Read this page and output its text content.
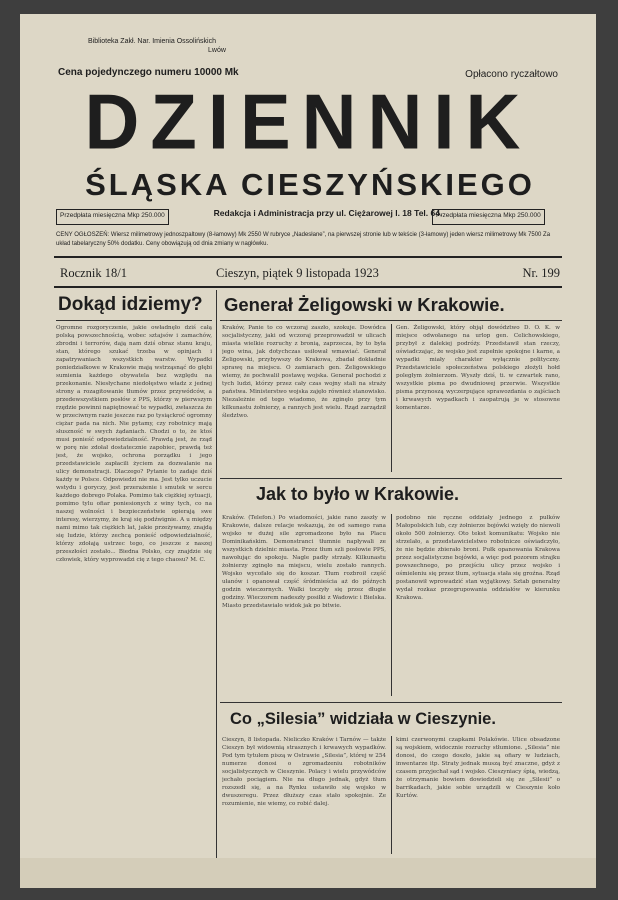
Biblioteka Zakł. Nar. Imienia Ossolińskich
Lwów
Cena pojedynczego numeru 10000 Mk	Opłacono ryczałtowo
DZIENNIK
ŚLĄSKA CIESZYŃSKIEGO
Przedpłata miesięczna Mkp 250.000	Redakcja i Administracja przy ul. Ciężarowej l. 18 Tel. 64.
Przedpłata miesięczna Mkp 250.000
CENY OGŁOSZEŃ: Wiersz milimetrowy jednoszpaltowy (8-łamowy) Mk 2550 W rubryce „Nadesłane”, na pierwszej stronie lub w tekście (3-łamowy) jeden wiersz milimetrowy Mk 7500 Za układ tabelaryczny 50% dodatku. Ceny obowiązują od dnia zmiany w nagłówku.
Rocznik 18/1	Cieszyn, piątek 9 listopada 1923	Nr. 199
Dokąd idziemy?
Ogromne rozgoryczenie, jakie owładnęło dziś całą polską powszechnością, wobec sztajsów i zamachów, zbrodni i terrorów, dają nam dziś obraz stanu kraju, stan, którego szukać trzeba w opinjach i zapatrywaniach wszystkich warstw. Wypadki poniedziałkowe w Krakowie mają wstrząsnąć do głębi sumienia każdego obywatela bez względu na przekonanie. Niesłychane niedołęstwo władz z jednej strony a rozagitowanie tłumów przez przywódców, a przedewszystkiem posłów z PPS, którzy w pierwszym rzędzie powinni napiętnować te wypadki, zwłaszcza że w przeciwnym razie jeszcze raz po tysiąckroć ogromny ciężar pada na nich. Nie pytamy, czy robotnicy mają słuszność w swych żądaniach. Chodzi o to, że ktoś musi ponieść odpowiedzialność. Prawdą jest, że rząd w porę nie zdołał dostatecznie zapobiec, prawdą też jest, że wojsko, ochrona porządku i jego przedstawiciele zapłacili życiem za dozwalanie na ulicy demonstracji. Dlaczego? Pytanie to zadaje dziś każdy w Polsce. Odpowiedzi nie ma. Jest tylko uczucie wstydu i goryczy, jest przerażenie i smutek w sercu każdego dobrego Polaka. Pomimo tak ciężkiej sytuacji, pomimo tylu ofiar poniesionych z winy tych, co na naszej wolności i bezpieczeństwie opierają swe interesy, wierzymy, że kraj się podźwignie. A u między nami mimo tak ciężkich lat, jakie przeżywamy, znajdą się ludzie, którzy zechcą ponieść odpowiedzialność, którzy zdołają ustrzec tego, co jeszcze z naszej przeszłości zostało... Biedna Polsko, czy znajdzie się człowiek, który wyprowadzi cię z tego chaosu? M. C.
Generał Żeligowski w Krakowie.
Kraków, Panie to co wczoraj zaszło, szokuje. Dowódca socjalistyczny, jaki od wczoraj przeprowadził w ulicach miasta wielkie rozruchy z bronią, zaprzecza, by to była jego wina, jak dotychczas usiłował wmawiać. Generał Żeligowski, przybywszy do Krakowa, zbadał dokładnie sprawę na miejscu. O zamiarach gen. Żeligowskiego wiemy, że pochwalił postawę wojska. Generał pochodzi z tych ludzi, którzy przez cały czas wojny stali na straży państwa. Ministerstwo wojska zajęło również stanowisko. Niezależnie od tego wiadomo, że zginęło przy tym kilkunastu żołnierzy, a rannych jest wielu. Rząd zarządził śledztwo.
Gen. Żeligowski, który objął dowództwo D. O. K. w miejsce odwołanego na urlop gen. Celichowskiego, przybył z dalekiej podróży. Przedstawił stan rzeczy, oświadczając, że wojsko jest zupełnie spokojne i karne, a wypadki miały charakter wyłącznie polityczny. Przedstawiciele społeczeństwa polskiego złożyli hołd poległym żołnierzom. Wyszły dziś, ti. w czwartek rano, wszystkie pisma po dwudniowej przerwie. Wszystkie pisma przynoszą wyczerpujące sprawozdania o zajściach i krwawych wypadkach i zaopatrują je w stosowne komentarze.
Jak to było w Krakowie.
Kraków. (Telefon.) Po wiadomości, jakie rano zaszły w Krakowie, dalsze relacje wskazują, że od samego rana wojsko w dużej sile zgromadzone było na Placu Dominikańskim. Demonstranci tłumnie napływali ze wszystkich dzielnic miasta. Przez tłum szli posłowie PPS, nawołując do spokoju. Nagle padły strzały. Kilkunastu żołnierzy zginęło na miejscu, wielu zostało rannych. Wojsko wycofało się do koszar. Tłum rozbroił część ułanów i opanował część śródmieścia aż do późnych godzin wieczornych. Walki toczyły się przez długie godziny. Wieczorem nadeszły posiłki z Wadowic i Bielska. Miasto przedstawiało widok jak po bitwie.
podobno nie ręczne oddziały jednego z pułków Małopolskich lub, czy żołnierze bojówki wzięły do niewoli około 500 żołnierzy. Oto tekst komunikatu: Wojsko nie strzelało, a przedstawicielstwo robotnicze oświadczyło, że nie będzie zbierało broni. Pułk opanowania Krakowa przez socjalistyczne bojówki, a więc pod pozorem strajku powszechnego, po przejściu ulicy przez wojsko i ośmieleniu się przez tłum, sytuacja stała się groźna. Rząd postanowił wprowadzić stan wyjątkowy. Sztab generalny wydał rozkaz przegrupowania oddziałów w kierunku Krakowa.
Co „Silesia” widziała w Cieszynie.
Cieszyn, 8 listopada. Nieliczko Kraków i Tarnów — także Cieszyn był widownią strasznych i krwawych wypadków. Pod tym tytułem piszą w Ostrawie „Silesia”, której w 254 numerze donosi o zgromadzeniu robotników socjalistycznych w Cieszynie. Polacy i wielu przywódców jechało pociągiem. Nie na długo jednak, gdyż tłum rozszedł się, a na Rynku ustawiło się wojsko w dwuszeregu. Przez dłuższy czas stało spokojnie. Ze rozumienie, nie wiemy, co robić dalej.
kimi czerwonymi czapkami Polakówie. Ulice obsadzone są wojskiem, widocznie rozruchy stłumione. „Silesia” nie donosi, do czego doszło, jakie są ofiary w ludziach, inwentarze itp. Straty jednak muszą być znaczne, gdyż z czasem przyjechał sąd i wojsko. Cieszyniacy śpią, wiedzą, że otrzymanie bowiem dowiedzieli się ze „Silesii” o barrikadach, jakie sobie urządzili w Cieszynie koło Kurtów.
